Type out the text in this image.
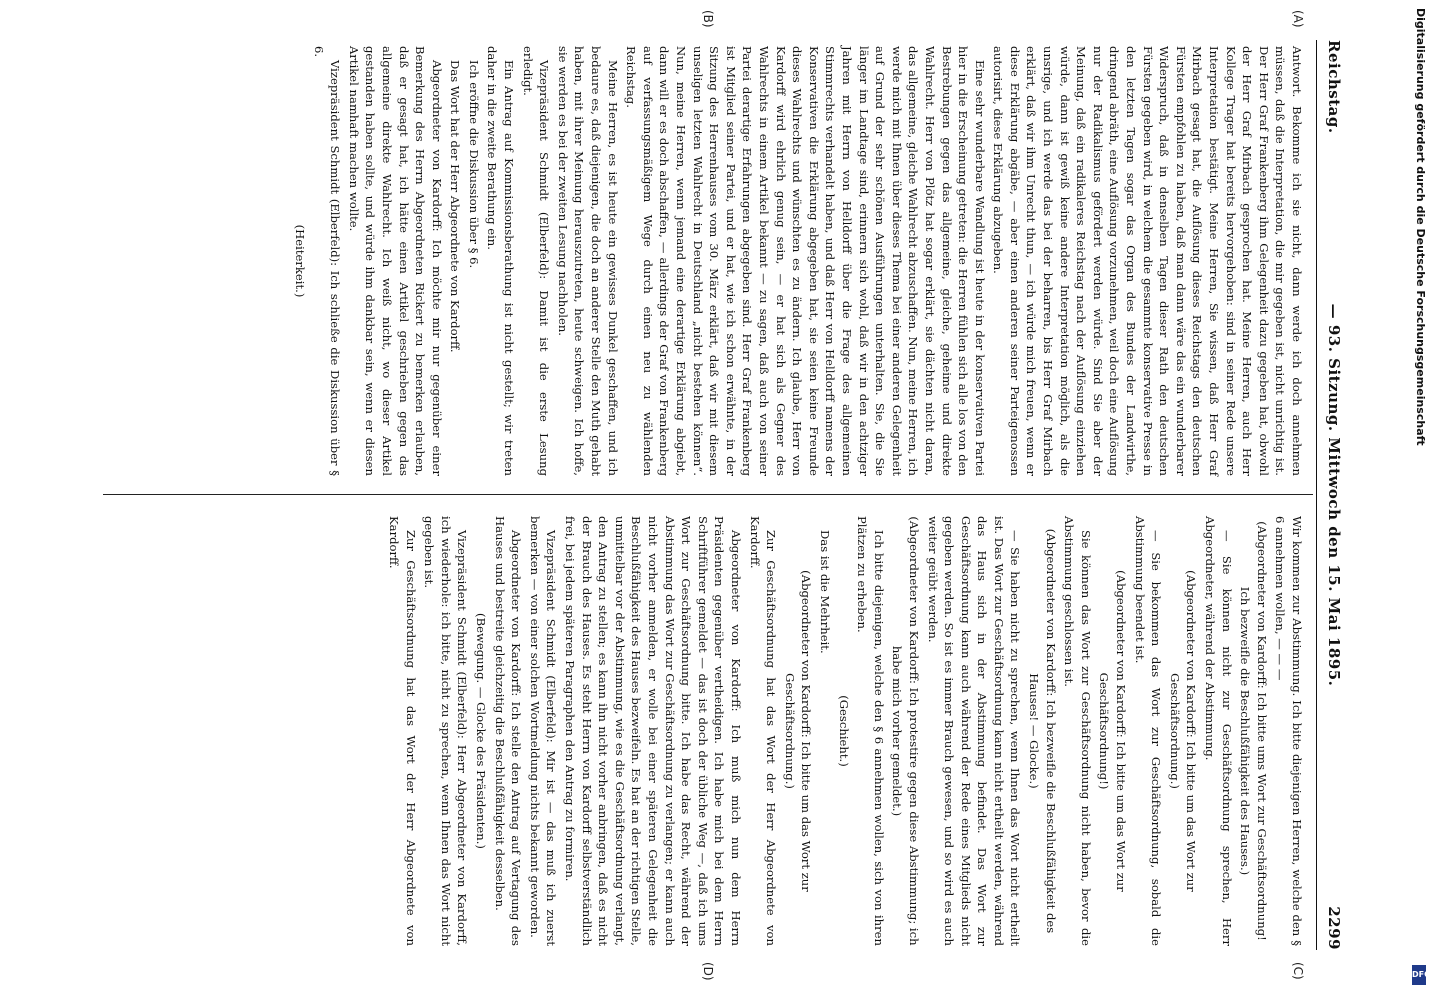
Reichstag.
— 93. Sitzung. Mittwoch den 15. Mai 1895.
2299
(A)
(B)
(C)
(D)

Antwort. Bekomme ich sie nicht, dann werde ich doch annehmen müssen, daß die Interpretation, die mir gegeben ist, nicht unrichtig ist. Der Herr Graf Frankenberg ihm Gelegenheit dazu gegeben hat, obwohl der Herr Graf Mirbach gesprochen hat. Meine Herren, auch Herr Kollege Trager hat bereits hervorgehoben: sind in seiner Rede unsere Interpretation bestätigt. Meine Herren, Sie wissen, daß Herr Graf Mirbach gesagt hat, die Auflösung dieses Reichstags den deutschen Fürsten empfohlen zu haben, daß man dann wäre das ein wunderbarer Widerspruch, daß in denselben Tagen dieser Rath den deutschen Fürsten gegeben wird, in welchem die gesammte konservative Presse in den letzten Tagen sogar das Organ des Bundes der Landwirthe, dringend abräth, eine Auflösung vorzunehmen, weil doch eine Auflösung nur der Radikalismus gefördert werden würde. Sind Sie aber der Meinung, daß ein radikaleres Reichstag nach der Auflösung einziehen würde, dann ist gewiß keine andere Interpretation möglich, als die unsrige, und ich werde das bei der beharren, bis Herr Graf Mirbach erklärt, daß wir ihm Unrecht thun, — ich würde mich freuen, wenn er diese Erklärung abgäbe, — aber einen anderen seiner Parteigenossen autorisirt, diese Erklärung abzugeben.

Eine sehr wunderbare Wandlung ist heute in der konservativen Partei hier in die Erscheinung getreten: die Herren fühlen sich alle los von den Bestrebungen gegen das allgemeine, gleiche, geheime und direkte Wahlrecht. Herr von Plötz hat sogar erklärt, sie dächten nicht daran, das allgemeine, gleiche Wahlrecht abzuschaffen. Nun, meine Herren, ich werde mich mit Ihnen über dieses Thema bei einer anderen Gelegenheit auf Grund der sehr schönen Ausführungen unterhalten. Sie, die Sie länger im Landtage sind, erinnern sich wohl, daß wir in den achtziger Jahren mit Herrn von Helldorff über die Frage des allgemeinen Stimmrechts verhandelt haben, und daß Herr von Helldorff namens der Konservativen die Erklärung abgegeben hat, sie seien keine Freunde dieses Wahlrechts und wünschten es zu ändern. Ich glaube, Herr von Kardorff wird ehrlich genug sein, — er hat sich als Gegner des Wahlrechts in einem Artikel bekannt — zu sagen, daß auch von seiner Partei derartige Erfahrungen abgegeben sind. Herr Graf Frankenberg ist Mitglied seiner Partei, und er hat, wie ich schon erwähnte, in der Sitzung des Herrenhauses vom 30. März erklärt, daß wir mit diesem unseligen letzten Wahlrecht in Deutschland „nicht bestehen können“. Nun, meine Herren, wenn jemand eine derartige Erklärung abgiebt, dann will er es doch abschaffen, — allerdings der Graf von Frankenberg auf verfassungsmäßigem Wege durch einen neu zu wählenden Reichstag.

Meine Herren, es ist heute ein gewisses Dunkel geschaffen, und ich bedaure es, daß diejenigen, die doch an anderer Stelle den Muth gehabt haben, mit ihrer Meinung herauszutreten, heute schweigen. Ich hoffe, sie werden es bei der zweiten Lesung nachholen.

Vizepräsident Schmidt (Elberfeld): Damit ist die erste Lesung erledigt.

Ein Antrag auf Kommissionsberathung ist nicht gestellt; wir treten daher in die zweite Berathung ein.

Ich eröffne die Diskussion über § 6.

Das Wort hat der Herr Abgeordnete von Kardorff.

Abgeordneter von Kardorff: Ich möchte mir nur gegenüber einer Bemerkung des Herrn Abgeordneten Rickert zu bemerken erlauben, daß er gesagt hat, ich hätte einen Artikel geschrieben gegen das allgemeine direkte Wahlrecht. Ich weiß nicht, wo dieser Artikel gestanden haben sollte, und würde ihm dankbar sein, wenn er diesen Artikel namhaft machen wollte.

Vizepräsident Schmidt (Elberfeld): Ich schließe die Diskussion über § 6.

(Heiterkeit.)

Wir kommen zur Abstimmung. Ich bitte diejenigen Herren, welche den § 6 annehmen wollen, — — —

(Abgeordneter von Kardorff: Ich bitte ums Wort zur Geschäftsordnung! Ich bezweifle die Beschlußfähigkeit des Hauses.)

— Sie können nicht zur Geschäftsordnung sprechen, Herr Abgeordneter, während der Abstimmung.

(Abgeordneter von Kardorff: Ich bitte um das Wort zur Geschäftsordnung.)

— Sie bekommen das Wort zur Geschäftsordnung, sobald die Abstimmung beendet ist.

(Abgeordneter von Kardorff: Ich bitte um das Wort zur Geschäftsordnung!)

Sie können das Wort zur Geschäftsordnung nicht haben, bevor die Abstimmung geschlossen ist.

(Abgeordneter von Kardorff: Ich bezweifle die Beschlußfähigkeit des Hauses! — Glocke.)

— Sie haben nicht zu sprechen, wenn Ihnen das Wort nicht ertheilt ist. Das Wort zur Geschäftsordnung kann nicht ertheilt werden, während das Haus sich in der Abstimmung befindet. Das Wort zur Geschäftsordnung kann auch während der Rede eines Mitglieds nicht gegeben werden. So ist es immer Brauch gewesen, und so wird es auch weiter geübt werden.

(Abgeordneter von Kardorff: Ich protestire gegen diese Abstimmung; ich habe mich vorher gemeldet.)

Ich bitte diejenigen, welche den § 6 annehmen wollen, sich von ihren Plätzen zu erheben.

(Geschieht.)

Das ist die Mehrheit.

(Abgeordneter von Kardorff: Ich bitte um das Wort zur Geschäftsordnung.)

Zur Geschäftsordnung hat das Wort der Herr Abgeordnete von Kardorff.

Abgeordneter von Kardorff: Ich muß mich nun dem Herrn Präsidenten gegenüber vertheidigen. Ich habe mich bei dem Herrn Schriftführer gemeldet — das ist doch der übliche Weg —, daß ich ums Wort zur Geschäftsordnung bitte. Ich habe das Recht, während der Abstimmung das Wort zur Geschäftsordnung zu verlangen; er kann auch nicht vorher anmelden, er wolle bei einer späteren Gelegenheit die Beschlußfähigkeit des Hauses bezweifeln. Es hat an der richtigen Stelle, unmittelbar vor der Abstimmung, wie es die Geschäftsordnung verlangt, den Antrag zu stellen; es kann ihn nicht vorher anbringen, daß es nicht der Brauch des Hauses. Es steht Herrn von Kardorff selbstverständlich frei, bei jedem späteren Paragraphen den Antrag zu formiren.

Vizepräsident Schmidt (Elberfeld): Mir ist — das muß ich zuerst bemerken — von einer solchen Wortmeldung nichts bekannt geworden.

Abgeordneter von Kardorff: Ich stelle den Antrag auf Vertagung des Hauses und bestreite gleichzeitig die Beschlußfähigkeit desselben.

(Bewegung. — Glocke des Präsidenten.)

Vizepräsident Schmidt (Elberfeld): Herr Abgeordneter von Kardorff, ich wiederhole: ich bitte, nicht zu sprechen, wenn Ihnen das Wort nicht gegeben ist.

Zur Geschäftsordnung hat das Wort der Herr Abgeordnete von Kardorff.

Digitalisierung gefördert durch die Deutsche Forschungsgemeinschaft
DFG
